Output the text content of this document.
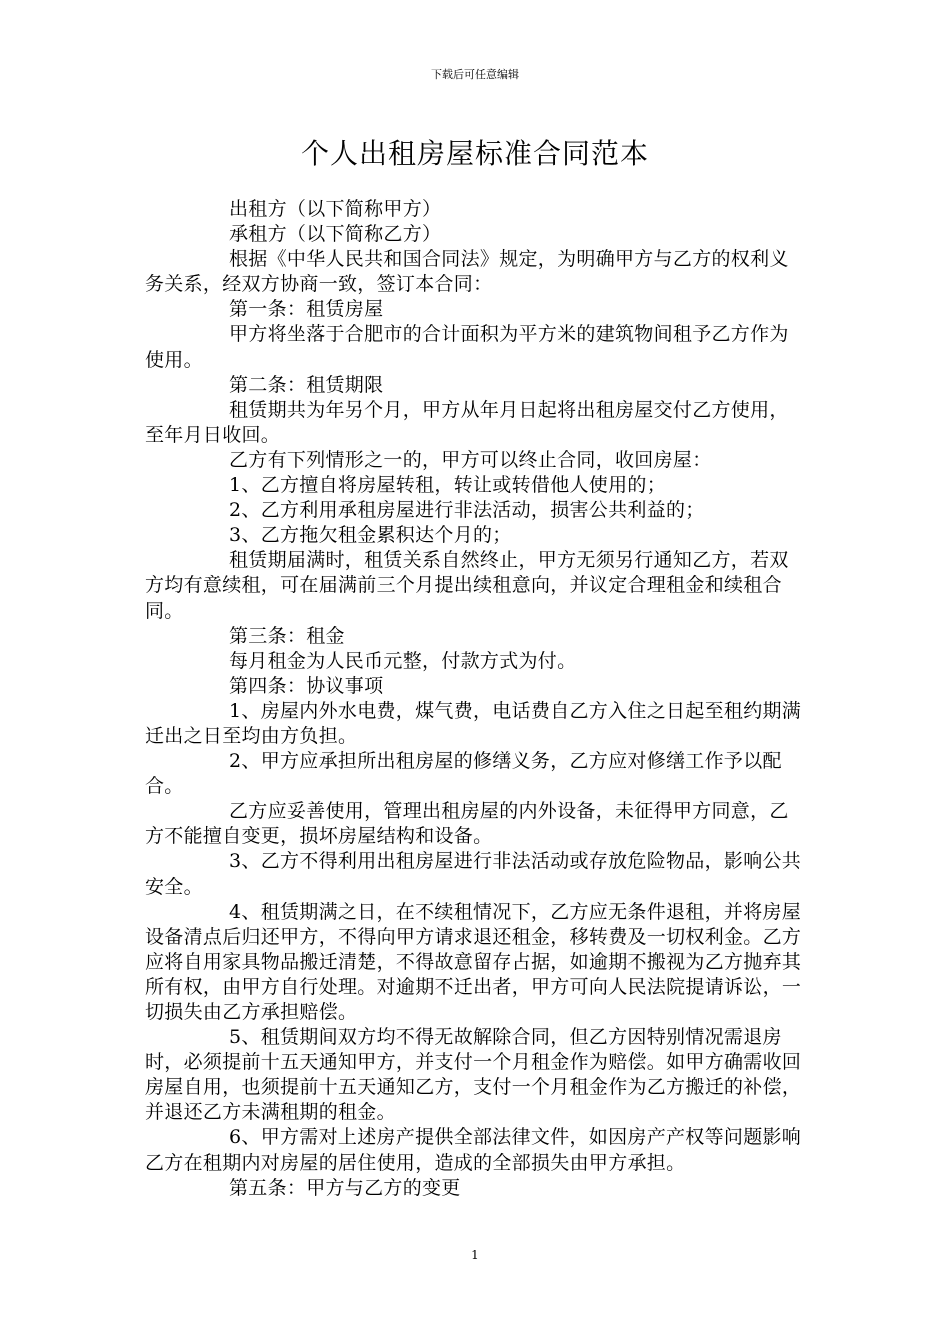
下载后可任意编辑
个人出租房屋标准合同范本

出租方（以下简称甲方）

承租方（以下简称乙方）

根据《中华人民共和国合同法》规定，为明确甲方与乙方的权利义务关系，经双方协商一致，签订本合同：

第一条：租赁房屋

甲方将坐落于合肥市的合计面积为平方米的建筑物间租予乙方作为使用。

第二条：租赁期限

租赁期共为年另个月，甲方从年月日起将出租房屋交付乙方使用，至年月日收回。

乙方有下列情形之一的，甲方可以终止合同，收回房屋：

1、乙方擅自将房屋转租，转让或转借他人使用的；

2、乙方利用承租房屋进行非法活动，损害公共利益的；

3、乙方拖欠租金累积达个月的；

租赁期届满时，租赁关系自然终止，甲方无须另行通知乙方，若双方均有意续租，可在届满前三个月提出续租意向，并议定合理租金和续租合同。

第三条：租金

每月租金为人民币元整，付款方式为付。

第四条：协议事项

1、房屋内外水电费，煤气费，电话费自乙方入住之日起至租约期满迁出之日至均由方负担。

2、甲方应承担所出租房屋的修缮义务，乙方应对修缮工作予以配合。

乙方应妥善使用，管理出租房屋的内外设备，未征得甲方同意，乙方不能擅自变更，损坏房屋结构和设备。

3、乙方不得利用出租房屋进行非法活动或存放危险物品，影响公共安全。

4、租赁期满之日，在不续租情况下，乙方应无条件退租，并将房屋设备清点后归还甲方，不得向甲方请求退还租金，移转费及一切权利金。乙方应将自用家具物品搬迁清楚，不得故意留存占据，如逾期不搬视为乙方抛弃其所有权，由甲方自行处理。对逾期不迁出者，甲方可向人民法院提请诉讼，一切损失由乙方承担赔偿。

5、租赁期间双方均不得无故解除合同，但乙方因特别情况需退房时，必须提前十五天通知甲方，并支付一个月租金作为赔偿。如甲方确需收回房屋自用，也须提前十五天通知乙方，支付一个月租金作为乙方搬迁的补偿，并退还乙方未满租期的租金。

6、甲方需对上述房产提供全部法律文件，如因房产产权等问题影响乙方在租期内对房屋的居住使用，造成的全部损失由甲方承担。

第五条：甲方与乙方的变更

1
